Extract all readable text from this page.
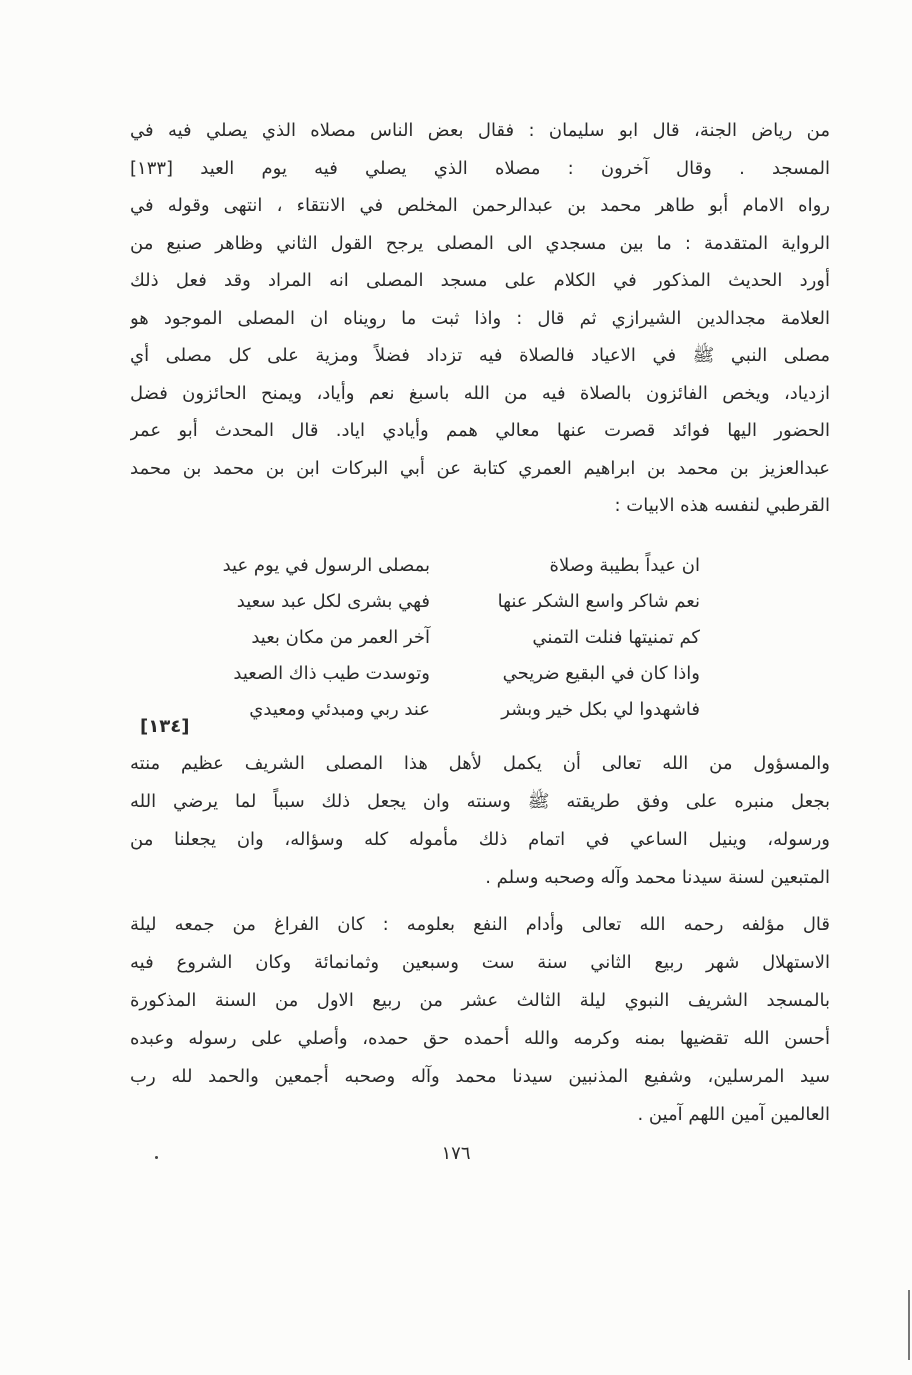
من رياض الجنة، قال ابو سليمان : فقال بعض الناس مصلاه الذي يصلي فيه في
المسجد . وقال آخرون : مصلاه الذي يصلي فيه يوم العيد [١٣٣]
رواه الامام أبو طاهر محمد بن عبدالرحمن المخلص في الانتقاء ، انتهى وقوله في
الرواية المتقدمة : ما بين مسجدي الى المصلى يرجح القول الثاني وظاهر صنيع من
أورد الحديث المذكور في الكلام على مسجد المصلى انه المراد وقد فعل ذلك
العلامة مجدالدين الشيرازي ثم قال : واذا ثبت ما رويناه ان المصلى الموجود هو
مصلى النبي ﷺ في الاعياد فالصلاة فيه تزداد فضلاً ومزية على كل مصلى أي
ازدياد، ويخص الفائزون بالصلاة فيه من الله باسبغ نعم وأياد، ويمنح الحائزون فضل
الحضور اليها فوائد قصرت عنها معالي همم وأيادي اياد. قال المحدث أبو عمر
عبدالعزيز بن محمد بن ابراهيم العمري كتابة عن أبي البركات ابن بن محمد بن محمد
القرطبي لنفسه هذه الابيات :
ان عيداً بطيبة وصلاة
بمصلى الرسول في يوم عيد
نعم شاكر واسع الشكر عنها
فهي بشرى لكل عبد سعيد
كم تمنيتها فنلت التمني
آخر العمر من مكان بعيد
واذا كان في البقيع ضريحي
وتوسدت طيب ذاك الصعيد
فاشهدوا لي بكل خير وبشر
عند ربي ومبدئي ومعيدي
[١٣٤]
والمسؤول من الله تعالى أن يكمل لأهل هذا المصلى الشريف عظيم منته
بجعل منبره على وفق طريقته ﷺ وسنته وان يجعل ذلك سبباً لما يرضي الله
ورسوله، وينيل الساعي في اتمام ذلك مأموله كله وسؤاله، وان يجعلنا من
المتبعين لسنة سيدنا محمد وآله وصحبه وسلم .
قال مؤلفه رحمه الله تعالى وأدام النفع بعلومه : كان الفراغ من جمعه ليلة
الاستهلال شهر ربيع الثاني سنة ست وسبعين وثمانمائة وكان الشروع فيه
بالمسجد الشريف النبوي ليلة الثالث عشر من ربيع الاول من السنة المذكورة
أحسن الله تقضيها بمنه وكرمه والله أحمده حق حمده، وأصلي على رسوله وعبده
سيد المرسلين، وشفيع المذنبين سيدنا محمد وآله وصحبه أجمعين والحمد لله رب
العالمين آمين اللهم آمين .
١٧٦
